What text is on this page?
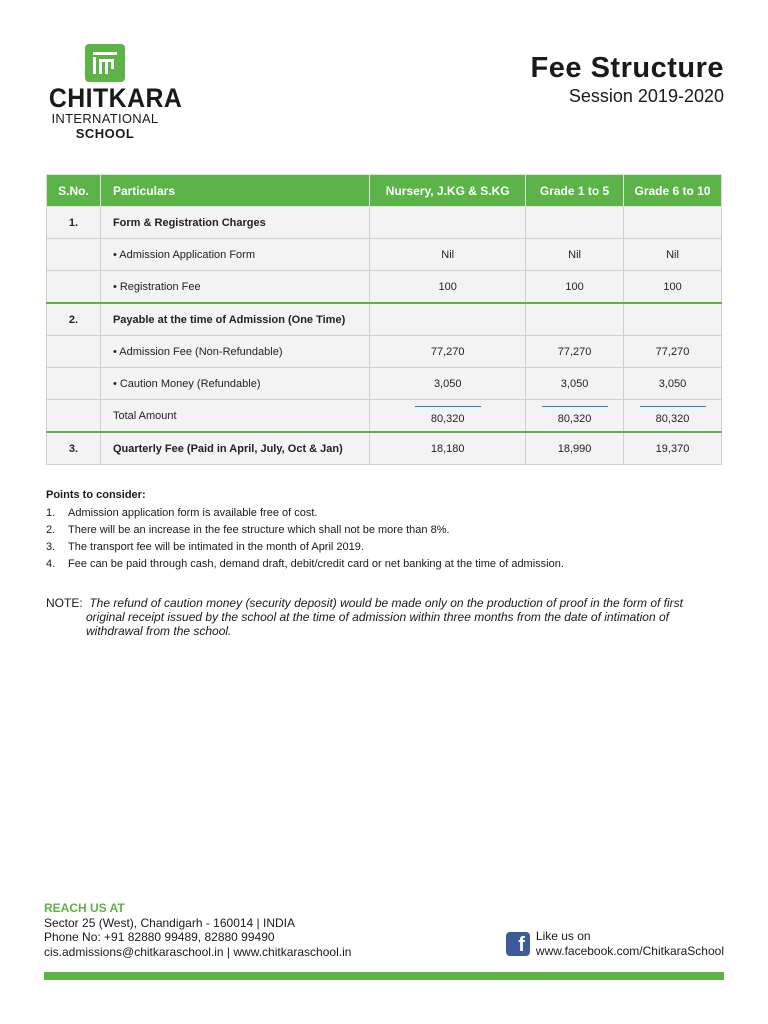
CHITKARA
INTERNATIONAL
SCHOOL
Fee Structure
Session 2019-2020
S.No.	Particulars	Nursery, J.KG & S.KG	Grade 1 to 5	Grade 6 to 10
1.	Form & Registration Charges			
	• Admission Application Form	Nil	Nil	Nil
	• Registration Fee	100	100	100
2.	Payable at the time of Admission (One Time)			
	• Admission Fee (Non-Refundable)	77,270	77,270	77,270
	• Caution Money (Refundable)	3,050	3,050	3,050
	Total Amount	80,320	80,320	80,320
3.	Quarterly Fee (Paid in April, July, Oct & Jan)	18,180	18,990	19,370
Points to consider:
1. Admission application form is available free of cost.
2. There will be an increase in the fee structure which shall not be more than 8%.
3. The transport fee will be intimated in the month of April 2019.
4. Fee can be paid through cash, demand draft, debit/credit card or net banking at the time of admission.
NOTE: The refund of caution money (security deposit) would be made only on the production of proof in the form of first original receipt issued by the school at the time of admission within three months from the date of intimation of withdrawal from the school.
REACH US AT
Sector 25 (West), Chandigarh - 160014 | INDIA
Phone No: +91 82880 99489, 82880 99490
cis.admissions@chitkaraschool.in | www.chitkaraschool.in	f Like us on
www.facebook.com/ChitkaraSchool
